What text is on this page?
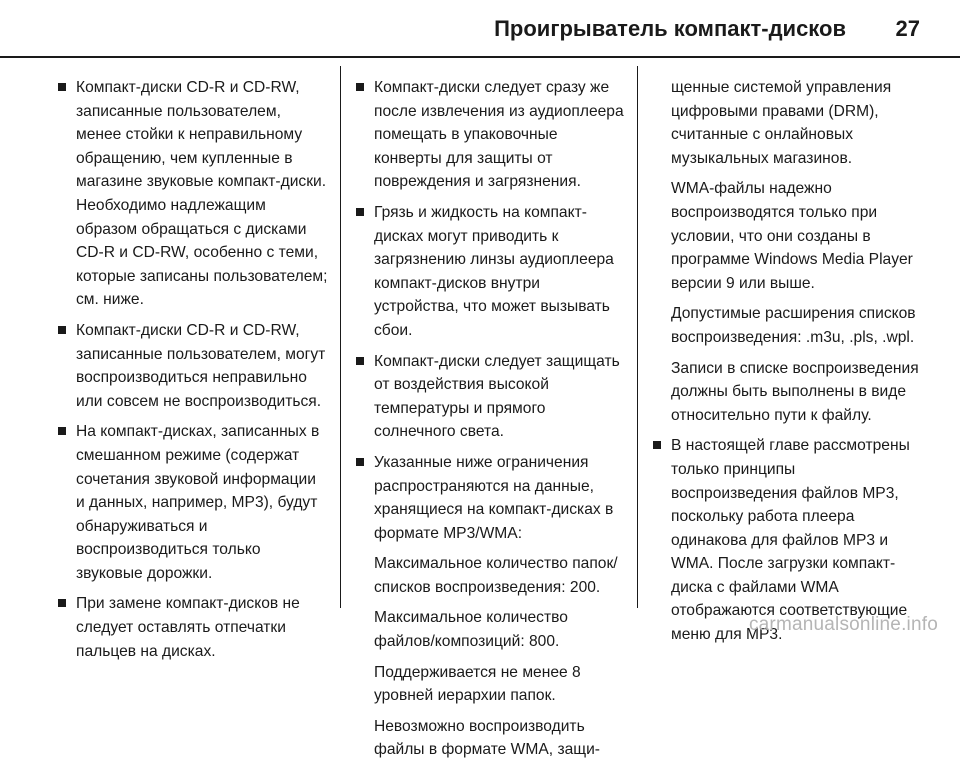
Проигрыватель компакт-дисков 27
Компакт-диски CD-R и CD-RW, записанные пользователем, менее стойки к неправильному обращению, чем купленные в магазине звуковые компакт-диски. Необходимо надлежащим образом обращаться с дисками CD-R и CD-RW, особенно с теми, которые записаны пользователем; см. ниже.
Компакт-диски CD-R и CD-RW, записанные пользователем, могут воспроизводиться неправильно или совсем не воспроизводиться.
На компакт-дисках, записанных в смешанном режиме (содержат сочетания звуковой информации и данных, например, MP3), будут обнаруживаться и воспроизводиться только звуковые дорожки.
При замене компакт-дисков не следует оставлять отпечатки пальцев на дисках.
Компакт-диски следует сразу же после извлечения из аудиоплеера помещать в упаковочные конверты для защиты от повреждения и загрязнения.
Грязь и жидкость на компакт-дисках могут приводить к загрязнению линзы аудиоплеера компакт-дисков внутри устройства, что может вызывать сбои.
Компакт-диски следует защищать от воздействия высокой температуры и прямого солнечного света.
Указанные ниже ограничения распространяются на данные, хранящиеся на компакт-дисках в формате MP3/WMA:
Максимальное количество папок/списков воспроизведения: 200.
Максимальное количество файлов/композиций: 800.
Поддерживается не менее 8 уровней иерархии папок.
Невозможно воспроизводить файлы в формате WMA, защи-
щенные системой управления цифровыми правами (DRM), считанные с онлайновых музыкальных магазинов.
WMA-файлы надежно воспроизводятся только при условии, что они созданы в программе Windows Media Player версии 9 или выше.
Допустимые расширения списков воспроизведения: .m3u, .pls, .wpl.
Записи в списке воспроизведения должны быть выполнены в виде относительно пути к файлу.
В настоящей главе рассмотрены только принципы воспроизведения файлов MP3, поскольку работа плеера одинакова для файлов MP3 и WMA. После загрузки компакт-диска с файлами WMA отображаются соответствующие меню для MP3.
carmanualsonline.info
